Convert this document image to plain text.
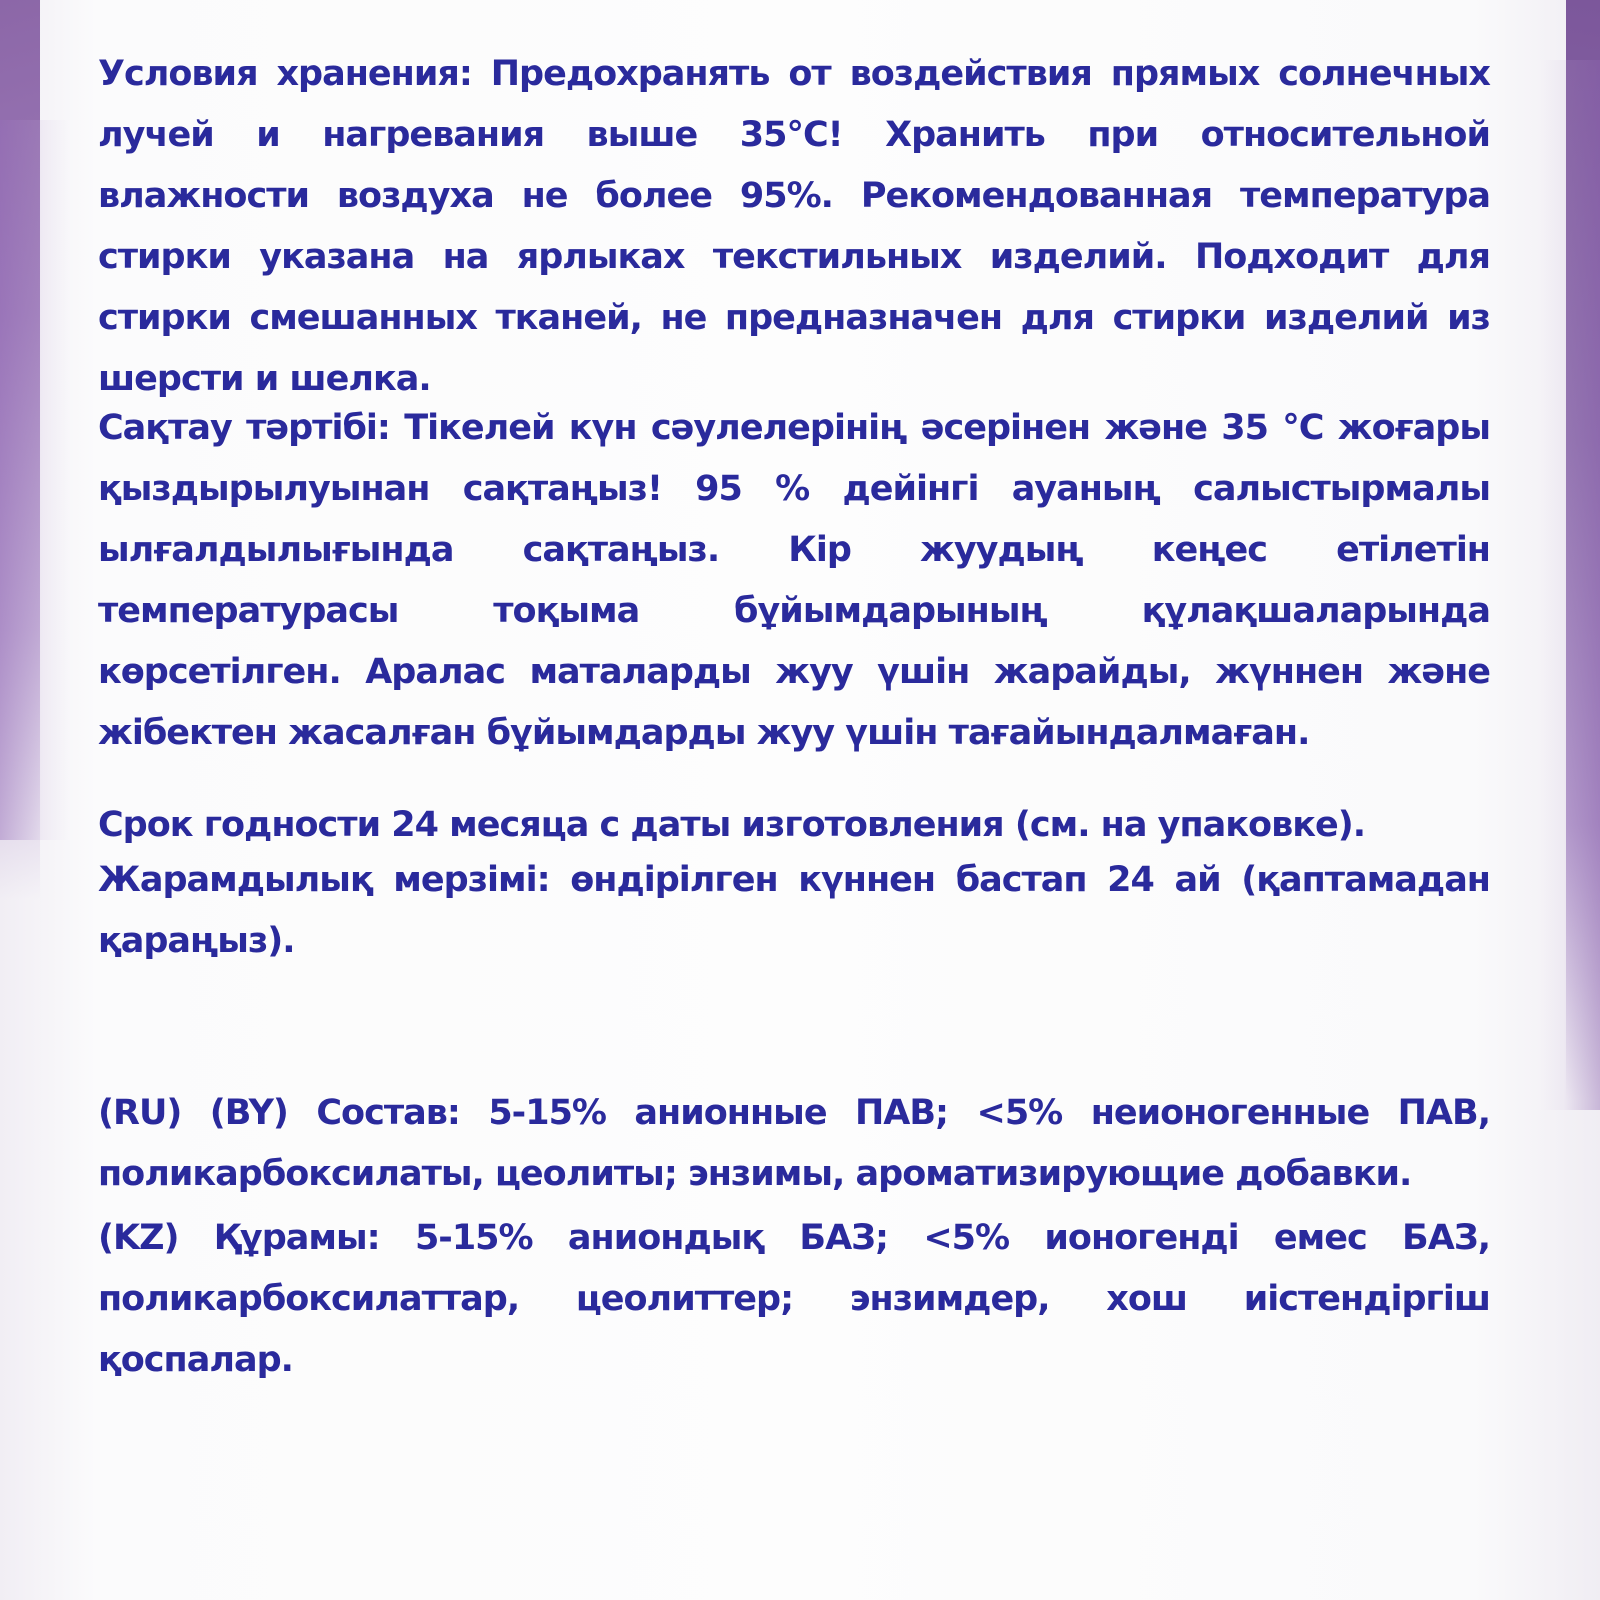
Условия хранения: Предохранять от воздействия прямых солнечных лучей и нагревания выше 35°C! Хранить при относительной влажности воздуха не более 95%. Рекомендованная температура стирки указана на ярлыках текстильных изделий. Подходит для стирки смешанных тканей, не предназначен для стирки изделий из шерсти и шелка.

Сақтау тәртібі: Тікелей күн сәулелерінің әсерінен және 35 °С жоғары қыздырылуынан сақтаңыз! 95 % дейінгі ауаның салыстырмалы ылғалдылығында сақтаңыз. Кір жуудың кеңес етілетін температурасы тоқыма бұйымдарының құлақшаларында көрсетілген. Аралас маталарды жуу үшін жарайды, жүннен және жібектен жасалған бұйымдарды жуу үшін тағайындалмаған.

Срок годности 24 месяца с даты изготовления (см. на упаковке).

Жарамдылық мерзімі: өндірілген күннен бастап 24 ай (қаптамадан қараңыз).

(RU) (BY) Состав: 5-15% анионные ПАВ; <5% неионогенные ПАВ, поликарбоксилаты, цеолиты; энзимы, ароматизирующие добавки.

(KZ) Құрамы: 5-15% аниондық БАЗ; <5% ионогенді емес БАЗ, поликарбоксилаттар, цеолиттер; энзимдер, хош иістендіргіш қоспалар.
